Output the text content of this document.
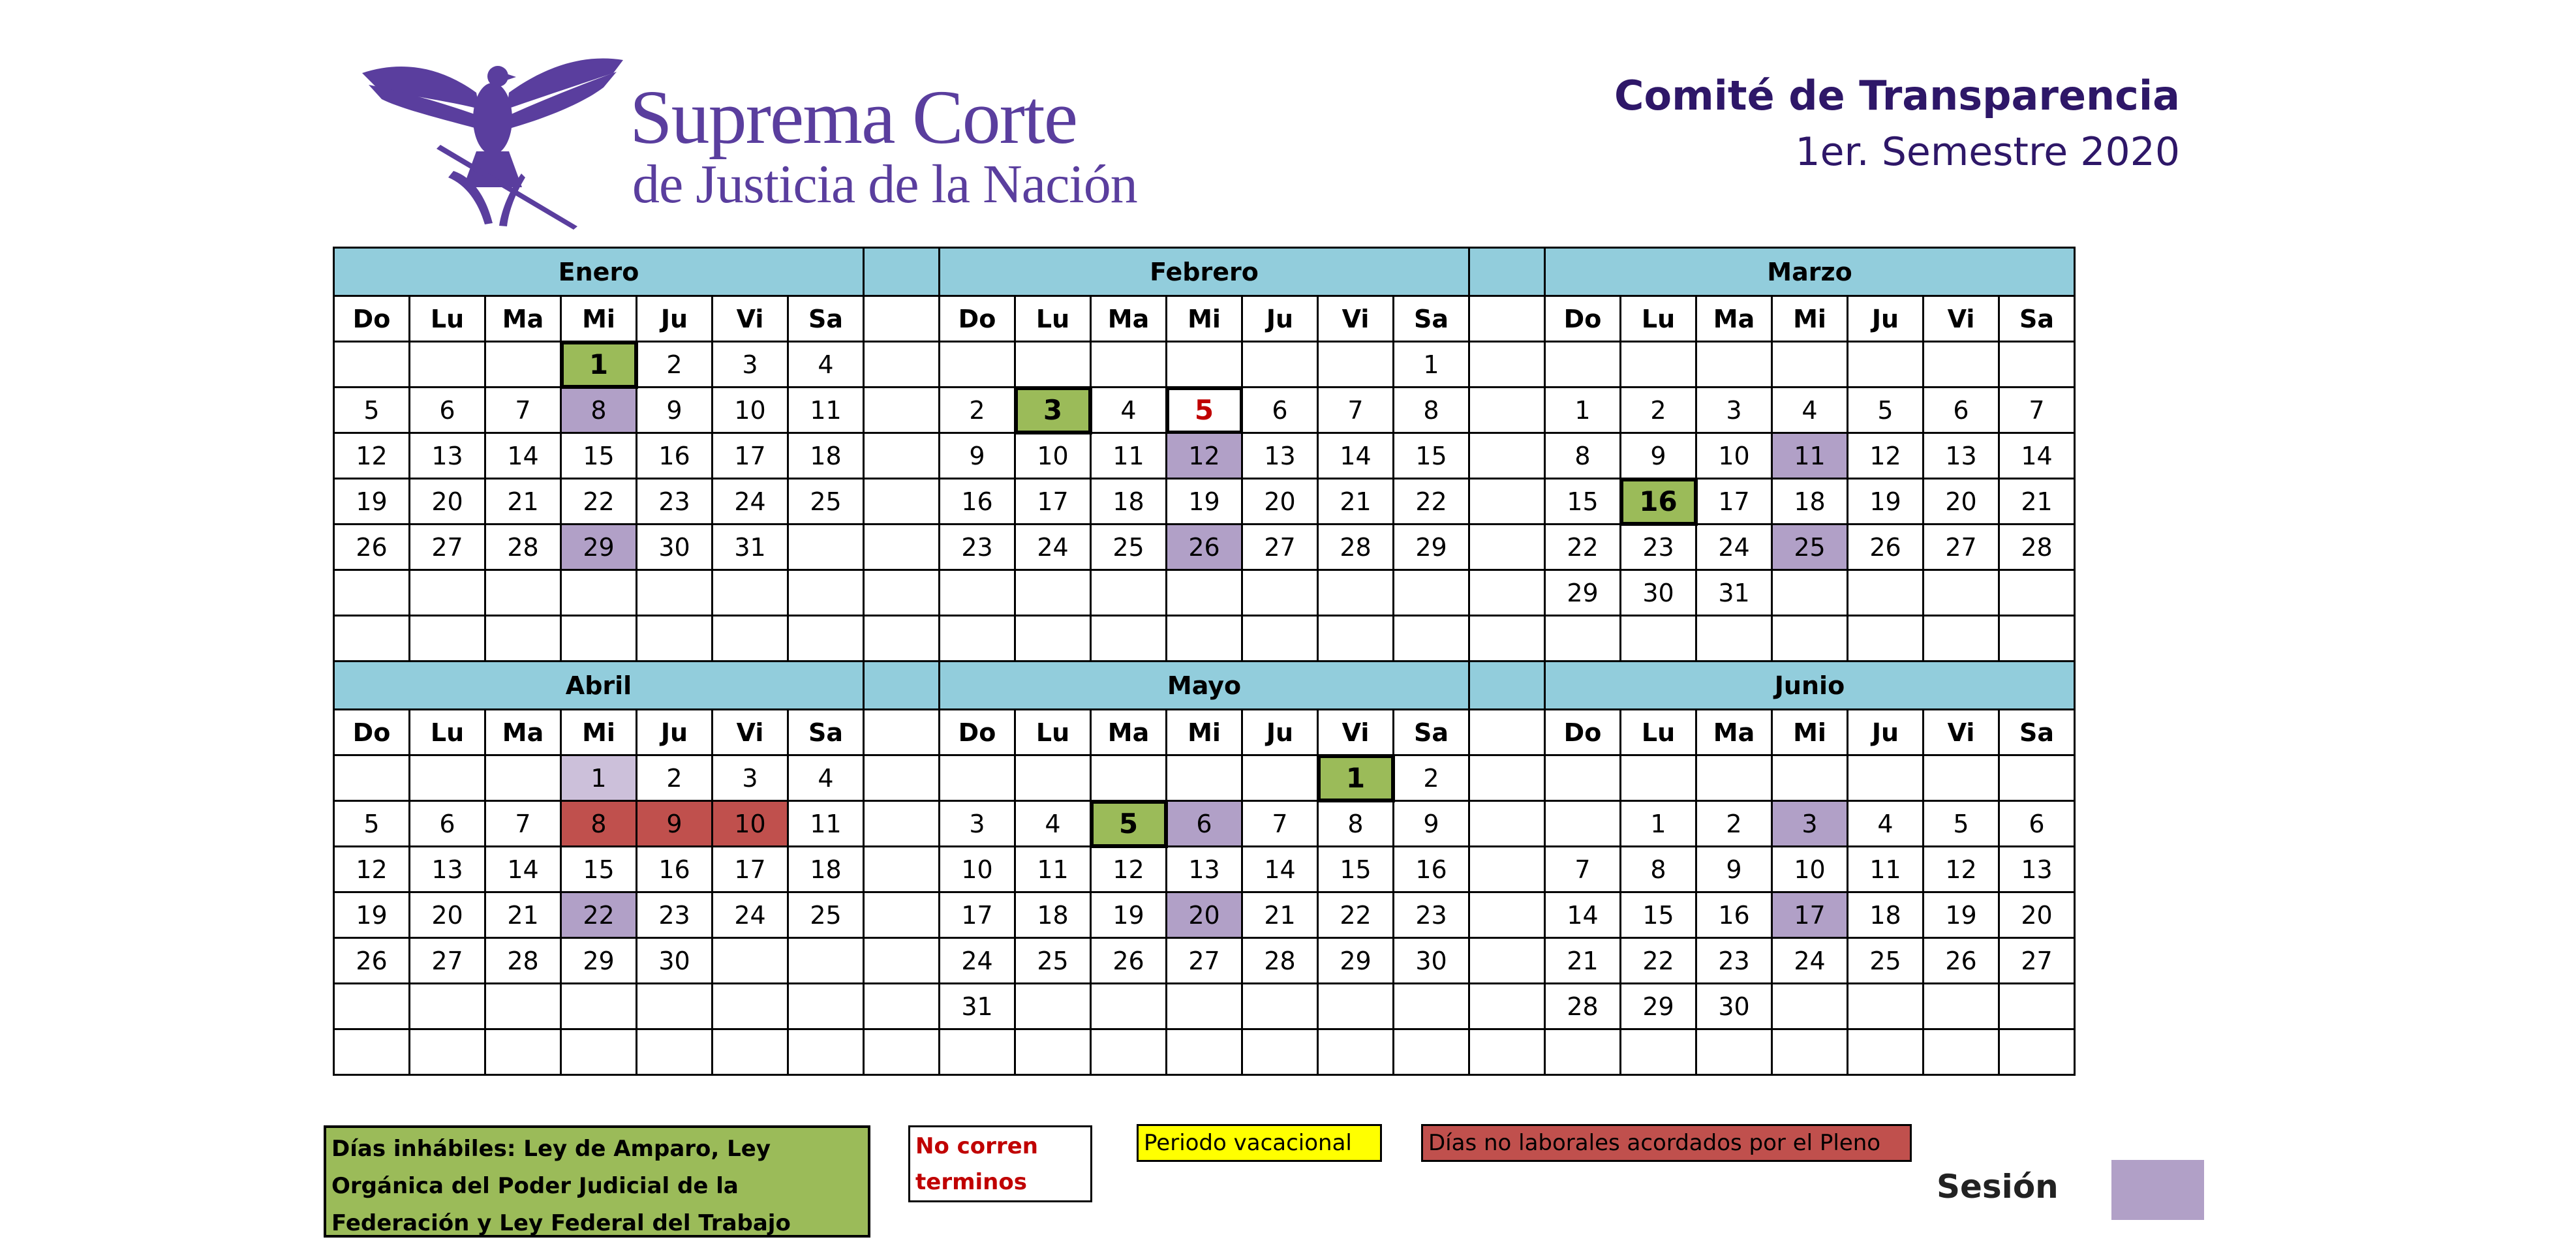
Suprema Corte
de Justicia de la Nación
Comité de Transparencia
1er. Semestre 2020
Enero								Febrero								Marzo						
Do	Lu	Ma	Mi	Ju	Vi	Sa		Do	Lu	Ma	Mi	Ju	Vi	Sa		Do	Lu	Ma	Mi	Ju	Vi	Sa
			1	2	3	4								1								
5	6	7	8	9	10	11		2	3	4	5	6	7	8		1	2	3	4	5	6	7
12	13	14	15	16	17	18		9	10	11	12	13	14	15		8	9	10	11	12	13	14
19	20	21	22	23	24	25		16	17	18	19	20	21	22		15	16	17	18	19	20	21
26	27	28	29	30	31			23	24	25	26	27	28	29		22	23	24	25	26	27	28
																29	30	31				

Abril								Mayo								Junio						
Do	Lu	Ma	Mi	Ju	Vi	Sa		Do	Lu	Ma	Mi	Ju	Vi	Sa		Do	Lu	Ma	Mi	Ju	Vi	Sa
			1	2	3	4							1	2								
5	6	7	8	9	10	11		3	4	5	6	7	8	9			1	2	3	4	5	6
12	13	14	15	16	17	18		10	11	12	13	14	15	16		7	8	9	10	11	12	13
19	20	21	22	23	24	25		17	18	19	20	21	22	23		14	15	16	17	18	19	20
26	27	28	29	30				24	25	26	27	28	29	30		21	22	23	24	25	26	27
								31								28	29	30				

Días inhábiles: Ley de Amparo, Ley Orgánica del Poder Judicial de la Federación y Ley Federal del Trabajo
No corren terminos
Periodo vacacional	Días no laborales acordados por el Pleno
Sesión
